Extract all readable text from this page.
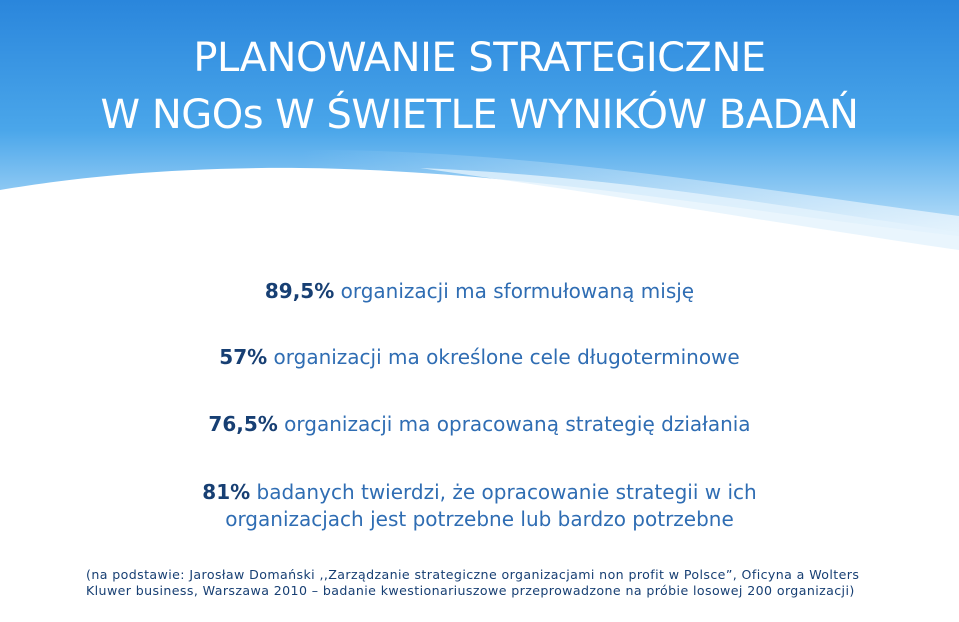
PLANOWANIE STRATEGICZNE
W NGOs W ŚWIETLE WYNIKÓW BADAŃ
89,5% organizacji ma sformułowaną misję
57% organizacji ma określone cele długoterminowe
76,5% organizacji ma opracowaną strategię działania
81% badanych twierdzi, że opracowanie strategii w ich organizacjach jest potrzebne lub bardzo potrzebne

(na podstawie: Jarosław Domański ,,Zarządzanie strategiczne organizacjami non profit w Polsce”, Oficyna a Wolters Kluwer business, Warszawa 2010 – badanie kwestionariuszowe przeprowadzone na próbie losowej 200 organizacji)
